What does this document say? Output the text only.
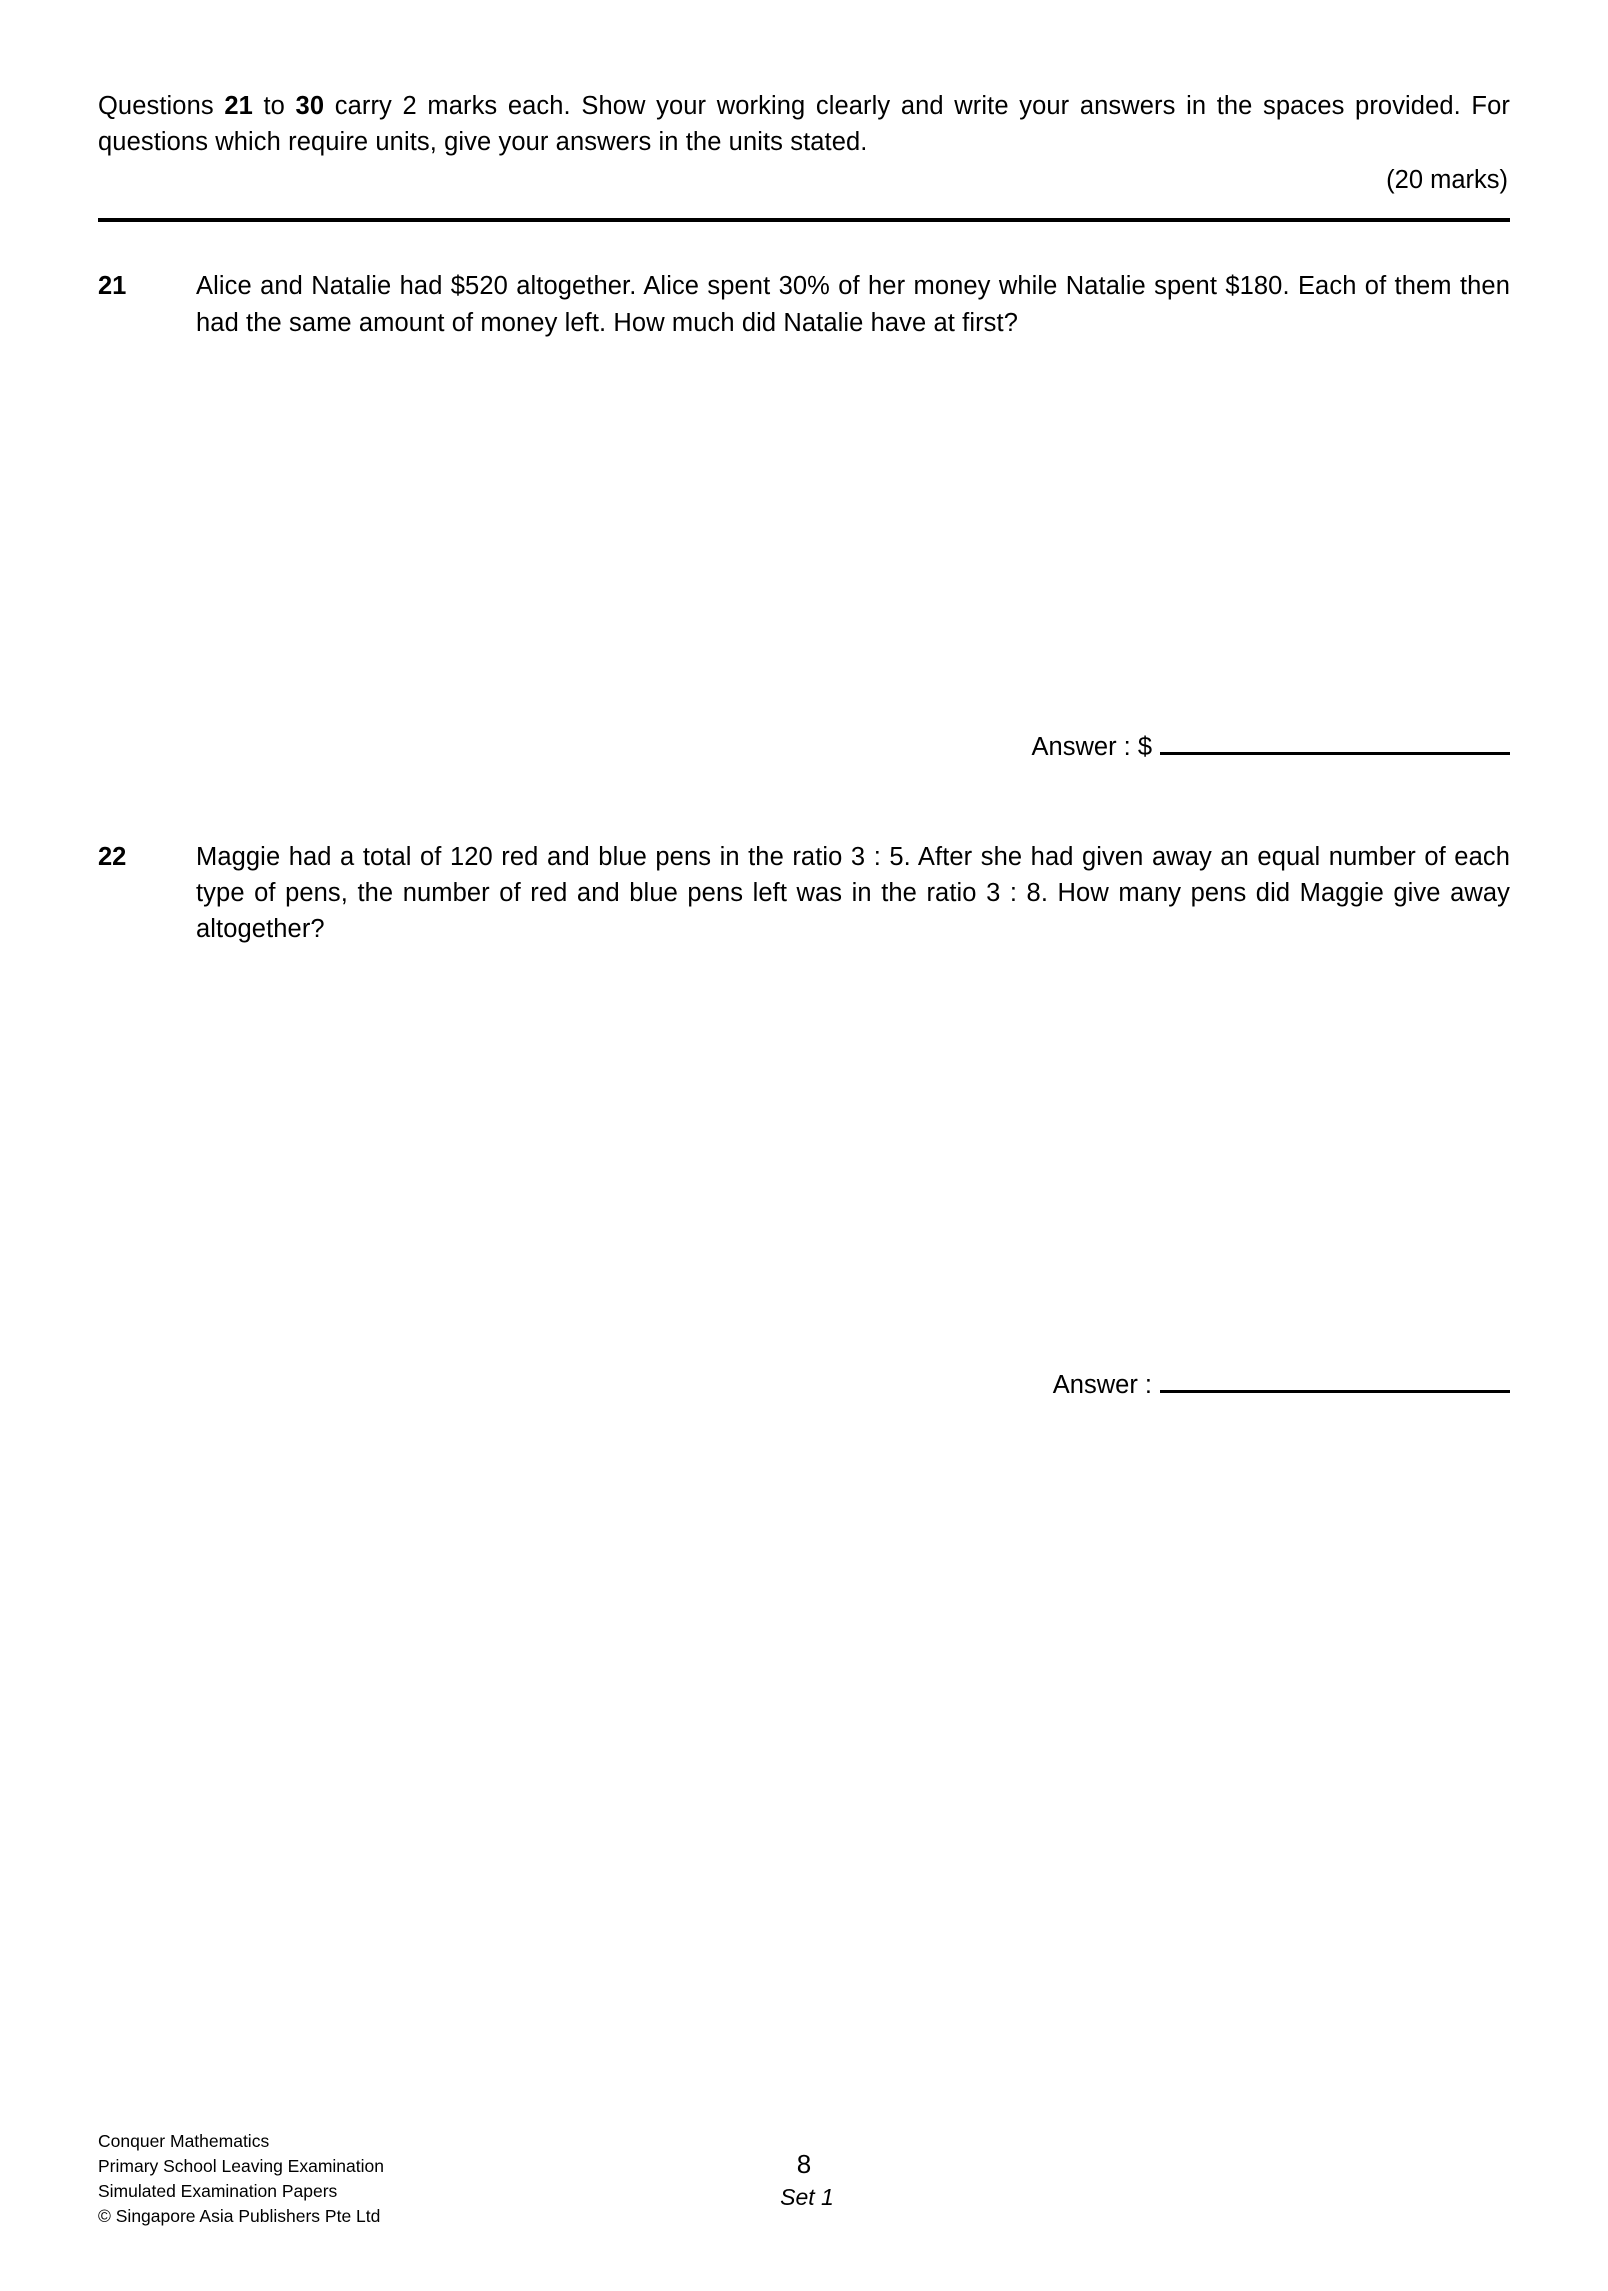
Questions 21 to 30 carry 2 marks each. Show your working clearly and write your answers in the spaces provided. For questions which require units, give your answers in the units stated.
(20 marks)
21	Alice and Natalie had $520 altogether. Alice spent 30% of her money while Natalie spent $180. Each of them then had the same amount of money left. How much did Natalie have at first?
Answer : $
22	Maggie had a total of 120 red and blue pens in the ratio 3 : 5. After she had given away an equal number of each type of pens, the number of red and blue pens left was in the ratio 3 : 8. How many pens did Maggie give away altogether?
Answer :
Conquer Mathematics
Primary School Leaving Examination
Simulated Examination Papers
© Singapore Asia Publishers Pte Ltd
8
Set 1
